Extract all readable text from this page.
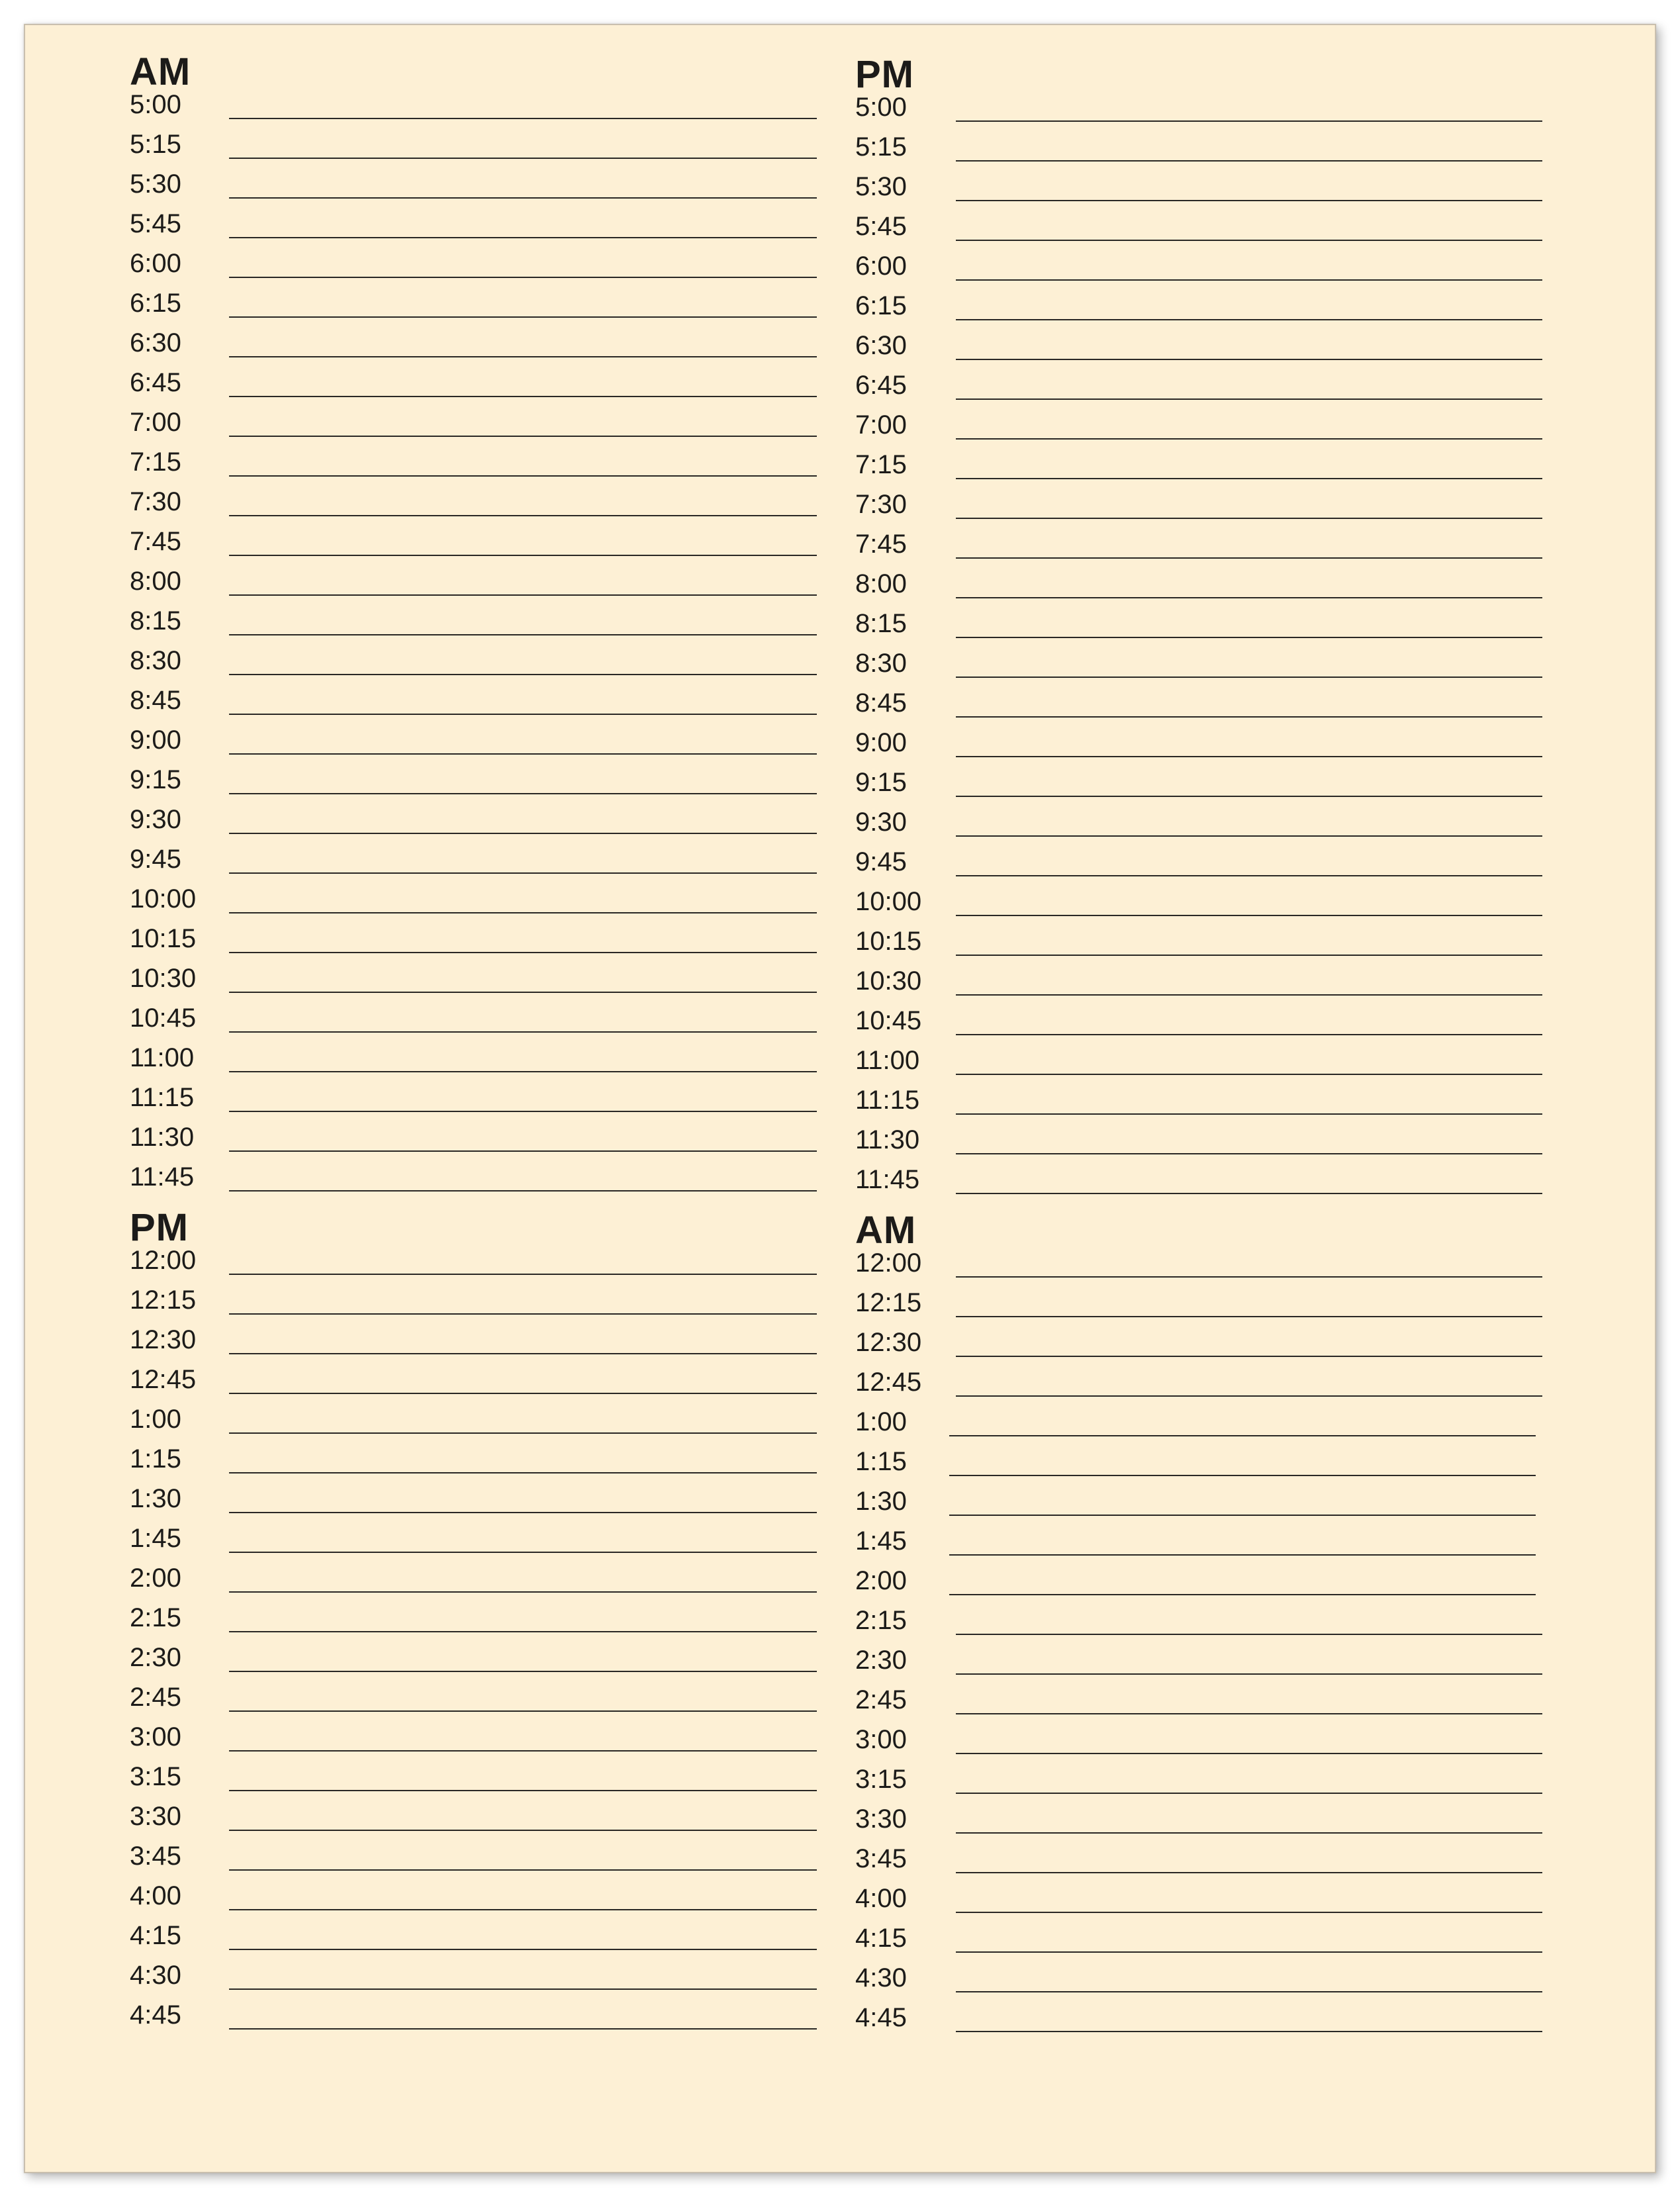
AM
5:00
5:15
5:30
5:45
6:00
6:15
6:30
6:45
7:00
7:15
7:30
7:45
8:00
8:15
8:30
8:45
9:00
9:15
9:30
9:45
10:00
10:15
10:30
10:45
11:00
11:15
11:30
11:45
PM
12:00
12:15
12:30
12:45
1:00
1:15
1:30
1:45
2:00
2:15
2:30
2:45
3:00
3:15
3:30
3:45
4:00
4:15
4:30
4:45
PM
5:00
5:15
5:30
5:45
6:00
6:15
6:30
6:45
7:00
7:15
7:30
7:45
8:00
8:15
8:30
8:45
9:00
9:15
9:30
9:45
10:00
10:15
10:30
10:45
11:00
11:15
11:30
11:45
AM
12:00
12:15
12:30
12:45
1:00
1:15
1:30
1:45
2:00
2:15
2:30
2:45
3:00
3:15
3:30
3:45
4:00
4:15
4:30
4:45
